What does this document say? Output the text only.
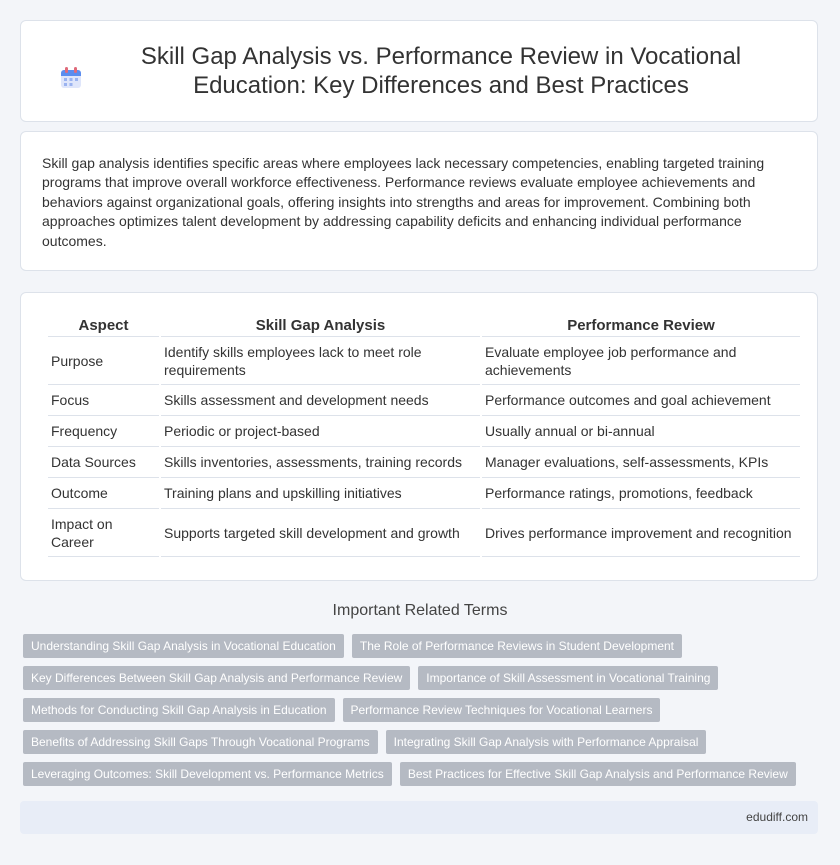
Skill Gap Analysis vs. Performance Review in Vocational Education: Key Differences and Best Practices

Skill gap analysis identifies specific areas where employees lack necessary competencies, enabling targeted training programs that improve overall workforce effectiveness. Performance reviews evaluate employee achievements and behaviors against organizational goals, offering insights into strengths and areas for improvement. Combining both approaches optimizes talent development by addressing capability deficits and enhancing individual performance outcomes.

Aspect	Skill Gap Analysis	Performance Review
Purpose	Identify skills employees lack to meet role requirements	Evaluate employee job performance and achievements
Focus	Skills assessment and development needs	Performance outcomes and goal achievement
Frequency	Periodic or project-based	Usually annual or bi-annual
Data Sources	Skills inventories, assessments, training records	Manager evaluations, self-assessments, KPIs
Outcome	Training plans and upskilling initiatives	Performance ratings, promotions, feedback
Impact on Career	Supports targeted skill development and growth	Drives performance improvement and recognition
Important Related Terms
Understanding Skill Gap Analysis in Vocational Education	The Role of Performance Reviews in Student Development
Key Differences Between Skill Gap Analysis and Performance Review	Importance of Skill Assessment in Vocational Training
Methods for Conducting Skill Gap Analysis in Education	Performance Review Techniques for Vocational Learners
Benefits of Addressing Skill Gaps Through Vocational Programs	Integrating Skill Gap Analysis with Performance Appraisal
Leveraging Outcomes: Skill Development vs. Performance Metrics	Best Practices for Effective Skill Gap Analysis and Performance Review
edudiff.com
